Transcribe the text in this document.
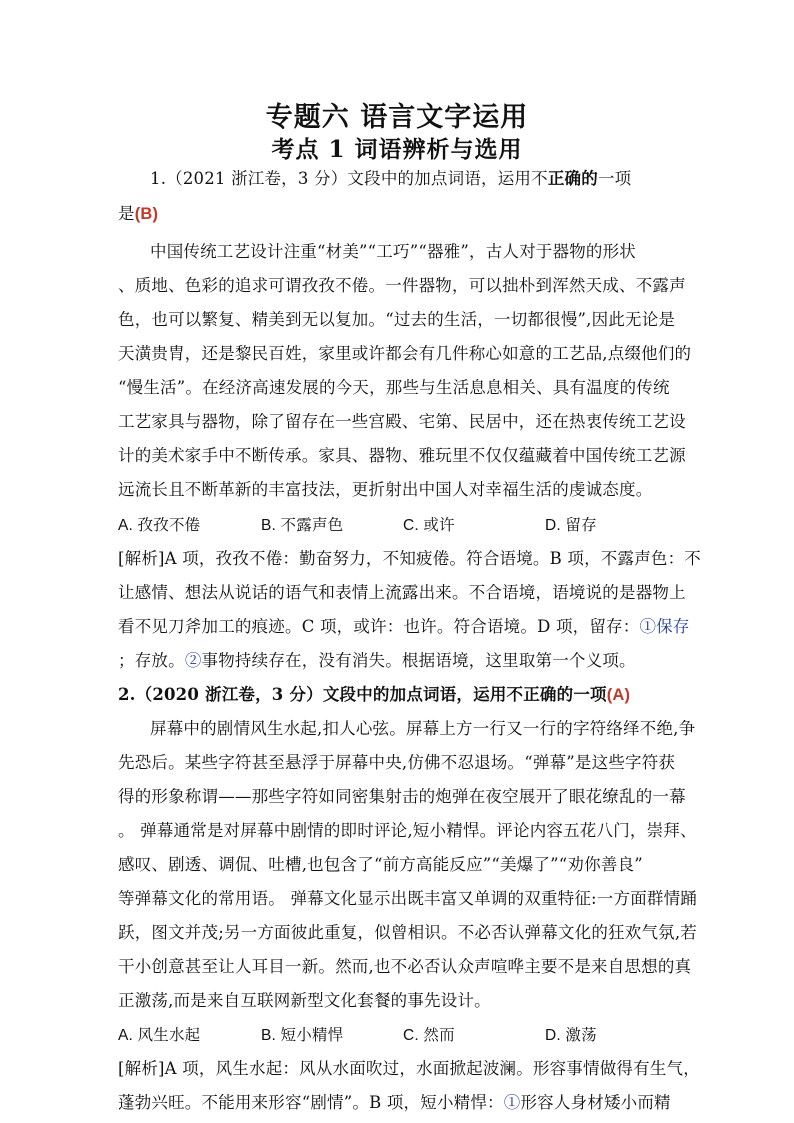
专题六 语言文字运用
考点 1 词语辨析与选用
1.（2021 浙江卷，3 分）文段中的加点词语，运用不正确的一项
是(B)
中国传统工艺设计注重“材美”“工巧”“器雅”，古人对于器物的形状
、质地、色彩的追求可谓孜孜不倦。一件器物，可以拙朴到浑然天成、不露声
色，也可以繁复、精美到无以复加。“过去的生活，一切都很慢”,因此无论是
天潢贵胄，还是黎民百姓，家里或许都会有几件称心如意的工艺品,点缀他们的
“慢生活”。在经济高速发展的今天，那些与生活息息相关、具有温度的传统
工艺家具与器物，除了留存在一些宫殿、宅第、民居中，还在热衷传统工艺设
计的美术家手中不断传承。家具、器物、雅玩里不仅仅蕴藏着中国传统工艺源
远流长且不断革新的丰富技法，更折射出中国人对幸福生活的虔诚态度。
A. 孜孜不倦	B. 不露声色	C. 或许	D. 留存
[解析]A 项，孜孜不倦：勤奋努力，不知疲倦。符合语境。B 项，不露声色：不
让感情、想法从说话的语气和表情上流露出来。不合语境，语境说的是器物上
看不见刀斧加工的痕迹。C 项，或许：也许。符合语境。D 项，留存：①保存
；存放。②事物持续存在，没有消失。根据语境，这里取第一个义项。
2.（2020 浙江卷，3 分）文段中的加点词语，运用不正确的一项(A)
屏幕中的剧情风生水起,扣人心弦。屏幕上方一行又一行的字符络绎不绝,争
先恐后。某些字符甚至悬浮于屏幕中央,仿佛不忍退场。“弹幕”是这些字符获
得的形象称谓——那些字符如同密集射击的炮弹在夜空展开了眼花缭乱的一幕
。 弹幕通常是对屏幕中剧情的即时评论,短小精悍。评论内容五花八门，崇拜、
感叹、剧透、调侃、吐槽,也包含了“前方高能反应”“美爆了”“劝你善良”
等弹幕文化的常用语。 弹幕文化显示出既丰富又单调的双重特征:一方面群情踊
跃，图文并茂;另一方面彼此重复，似曾相识。不必否认弹幕文化的狂欢气氛,若
干小创意甚至让人耳目一新。然而,也不必否认众声喧哗主要不是来自思想的真
正激荡,而是来自互联网新型文化套餐的事先设计。
A. 风生水起	B. 短小精悍	C. 然而	D. 激荡
[解析]A 项，风生水起：风从水面吹过，水面掀起波澜。形容事情做得有生气，
蓬勃兴旺。不能用来形容“剧情”。B 项，短小精悍：①形容人身材矮小而精
